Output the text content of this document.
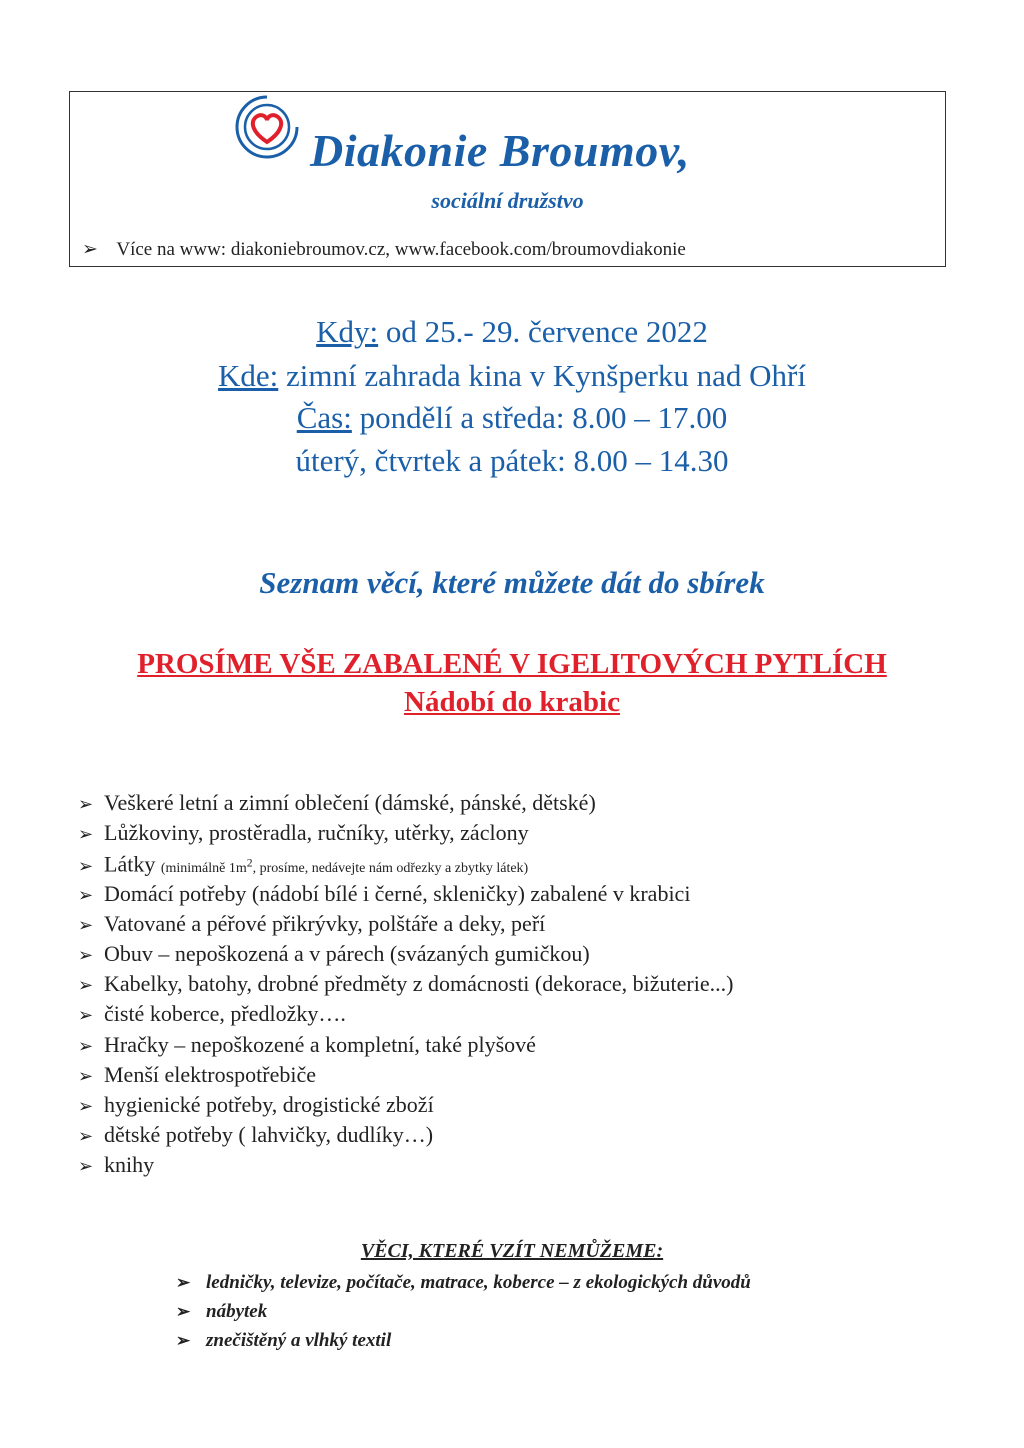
Diakonie Broumov,
sociální družstvo
➢ Více na www: diakoniebroumov.cz, www.facebook.com/broumovdiakonie
Kdy: od 25.- 29. července 2022
Kde: zimní zahrada kina v Kynšperku nad Ohří
Čas: pondělí a středa: 8.00 – 17.00
úterý, čtvrtek a pátek: 8.00 – 14.30
Seznam věcí, které můžete dát do sbírek
PROSÍME VŠE ZABALENÉ V IGELITOVÝCH PYTLÍCH
Nádobí do krabic
➢ Veškeré letní a zimní oblečení (dámské, pánské, dětské)
➢ Lůžkoviny, prostěradla, ručníky, utěrky, záclony
➢ Látky (minimálně $1m^2$, prosíme, nedávejte nám odřezky a zbytky látek)
➢ Domácí potřeby (nádobí bílé i černé, skleničky) zabalené v krabici
➢ Vatované a péřové přikrývky, polštáře a deky, peří
➢ Obuv – nepoškozená a v párech (svázaných gumičkou)
➢ Kabelky, batohy, drobné předměty z domácnosti (dekorace, bižuterie...)
➢ čisté koberce, předložky….
➢ Hračky – nepoškozené a kompletní, také plyšové
➢ Menší elektrospotřebiče
➢ hygienické potřeby, drogistické zboží
➢ dětské potřeby ( lahvičky, dudlíky…)
➢ knihy
VĚCI, KTERÉ VZÍT NEMŮŽEME:
➢ ledničky, televize, počítače, matrace, koberce – z ekologických důvodů
➢ nábytek
➢ znečištěný a vlhký textil
